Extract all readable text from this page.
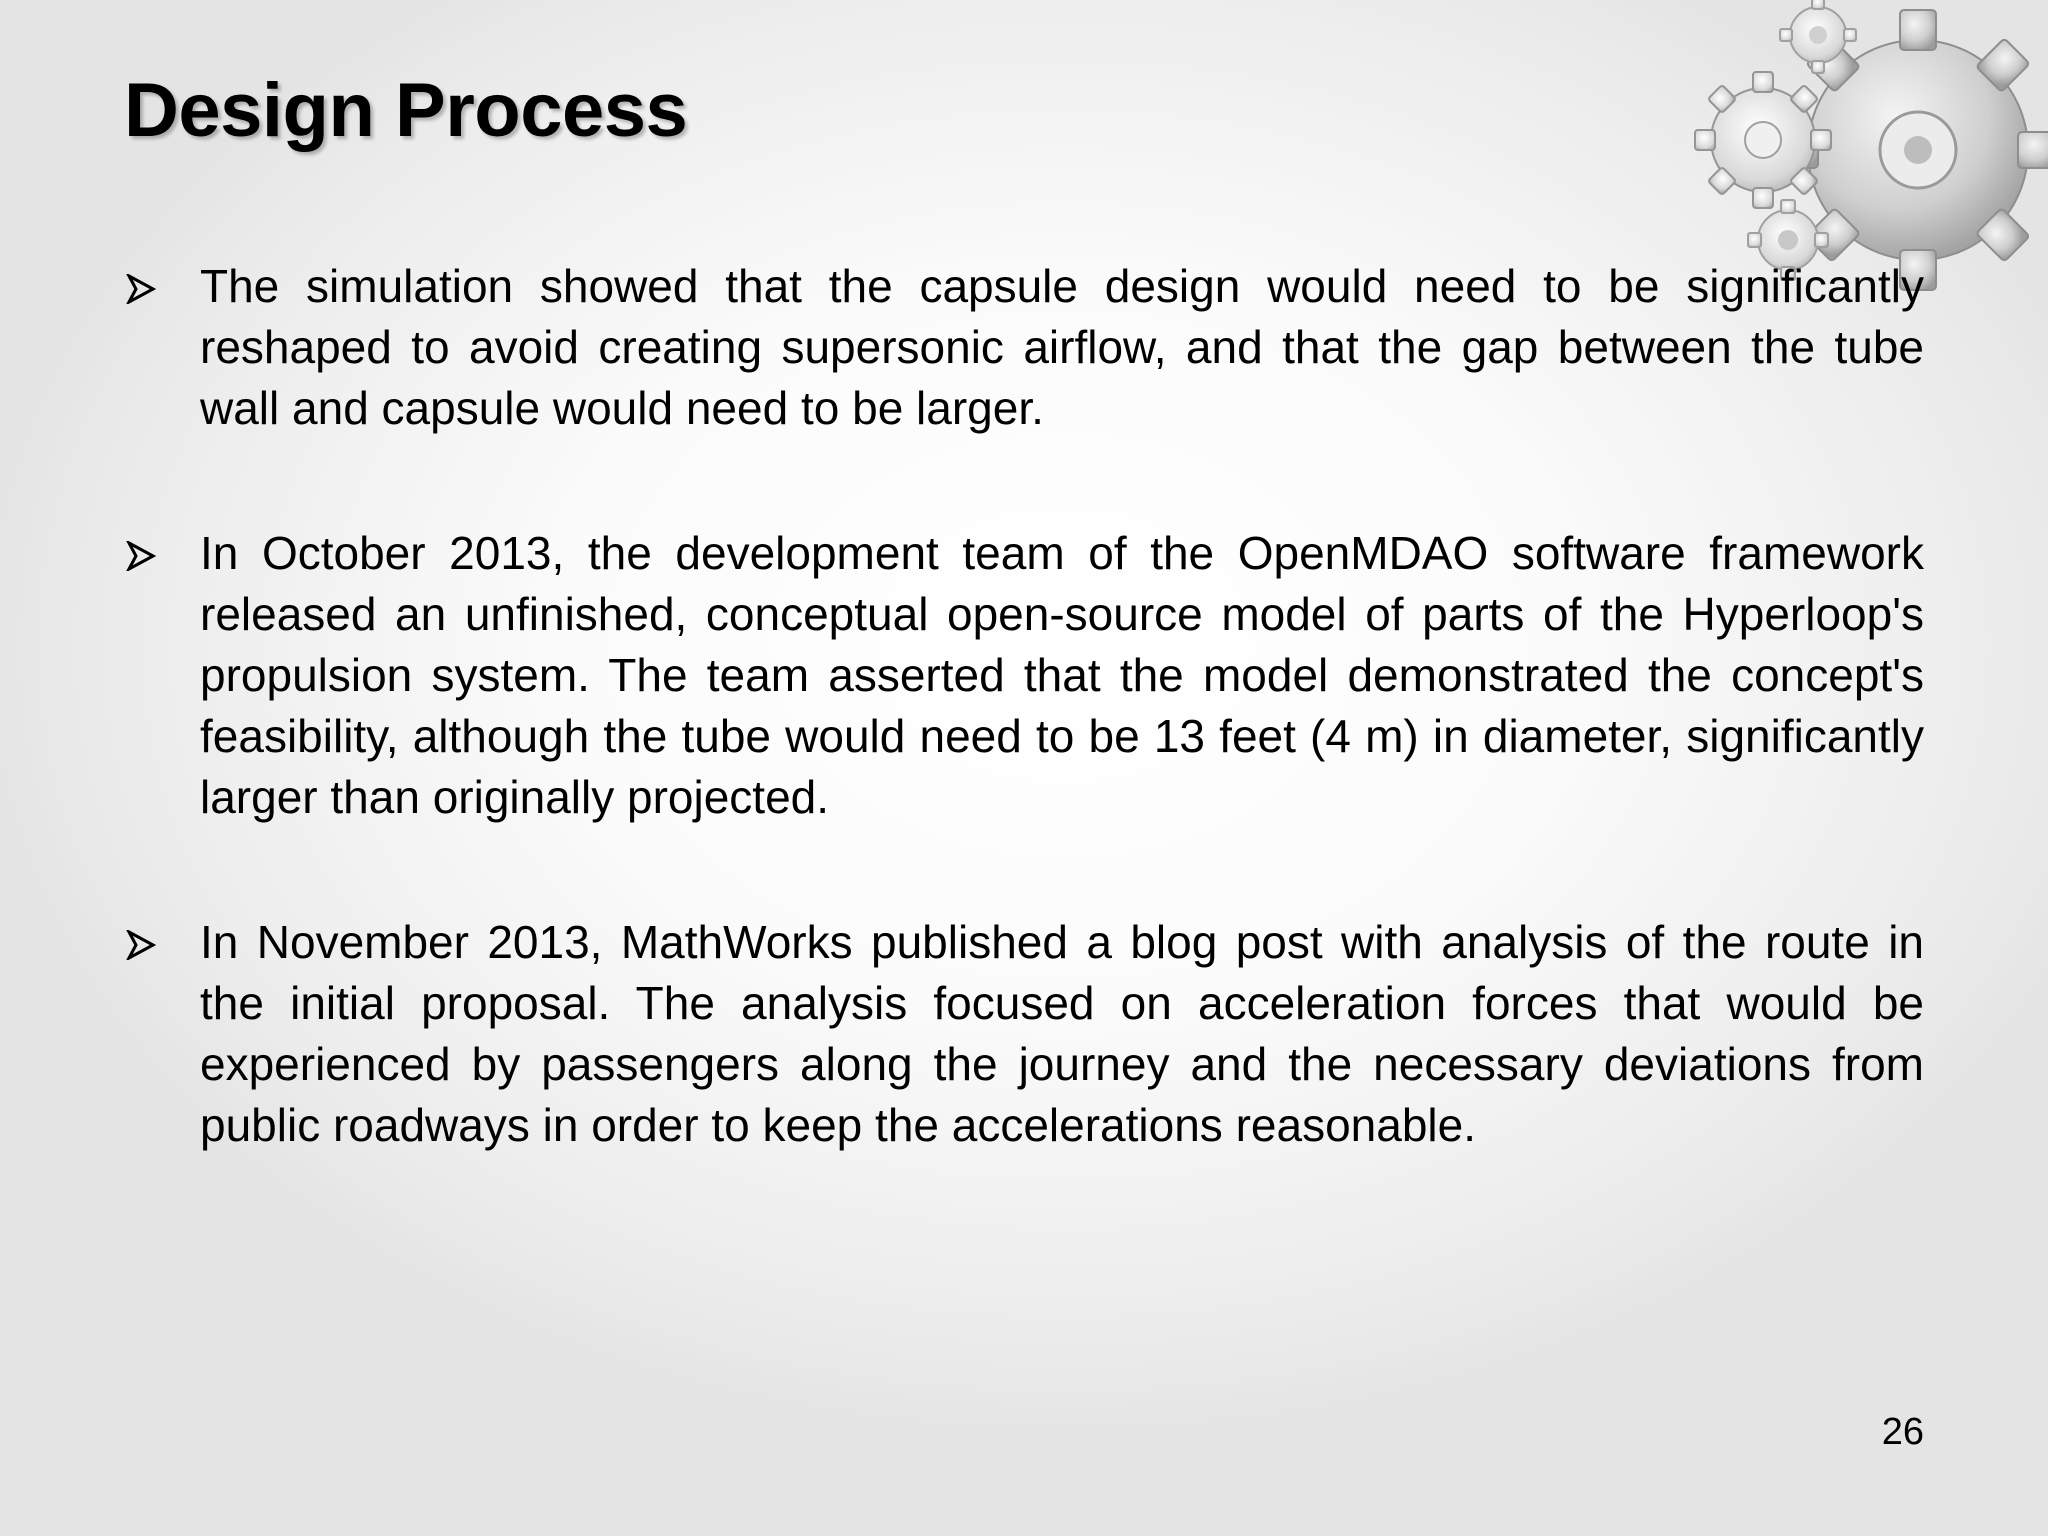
Design Process
The simulation showed that the capsule design would need to be significantly reshaped to avoid creating supersonic airflow, and that the gap between the tube wall and capsule would need to be larger.
In October 2013, the development team of the OpenMDAO software framework released an unfinished, conceptual open-source model of parts of the Hyperloop's propulsion system. The team asserted that the model demonstrated the concept's feasibility, although the tube would need to be 13 feet (4 m) in diameter, significantly larger than originally projected.
In November 2013, MathWorks published a blog post with analysis of the route in the initial proposal. The analysis focused on acceleration forces that would be experienced by passengers along the journey and the necessary deviations from public roadways in order to keep the accelerations reasonable.
26
